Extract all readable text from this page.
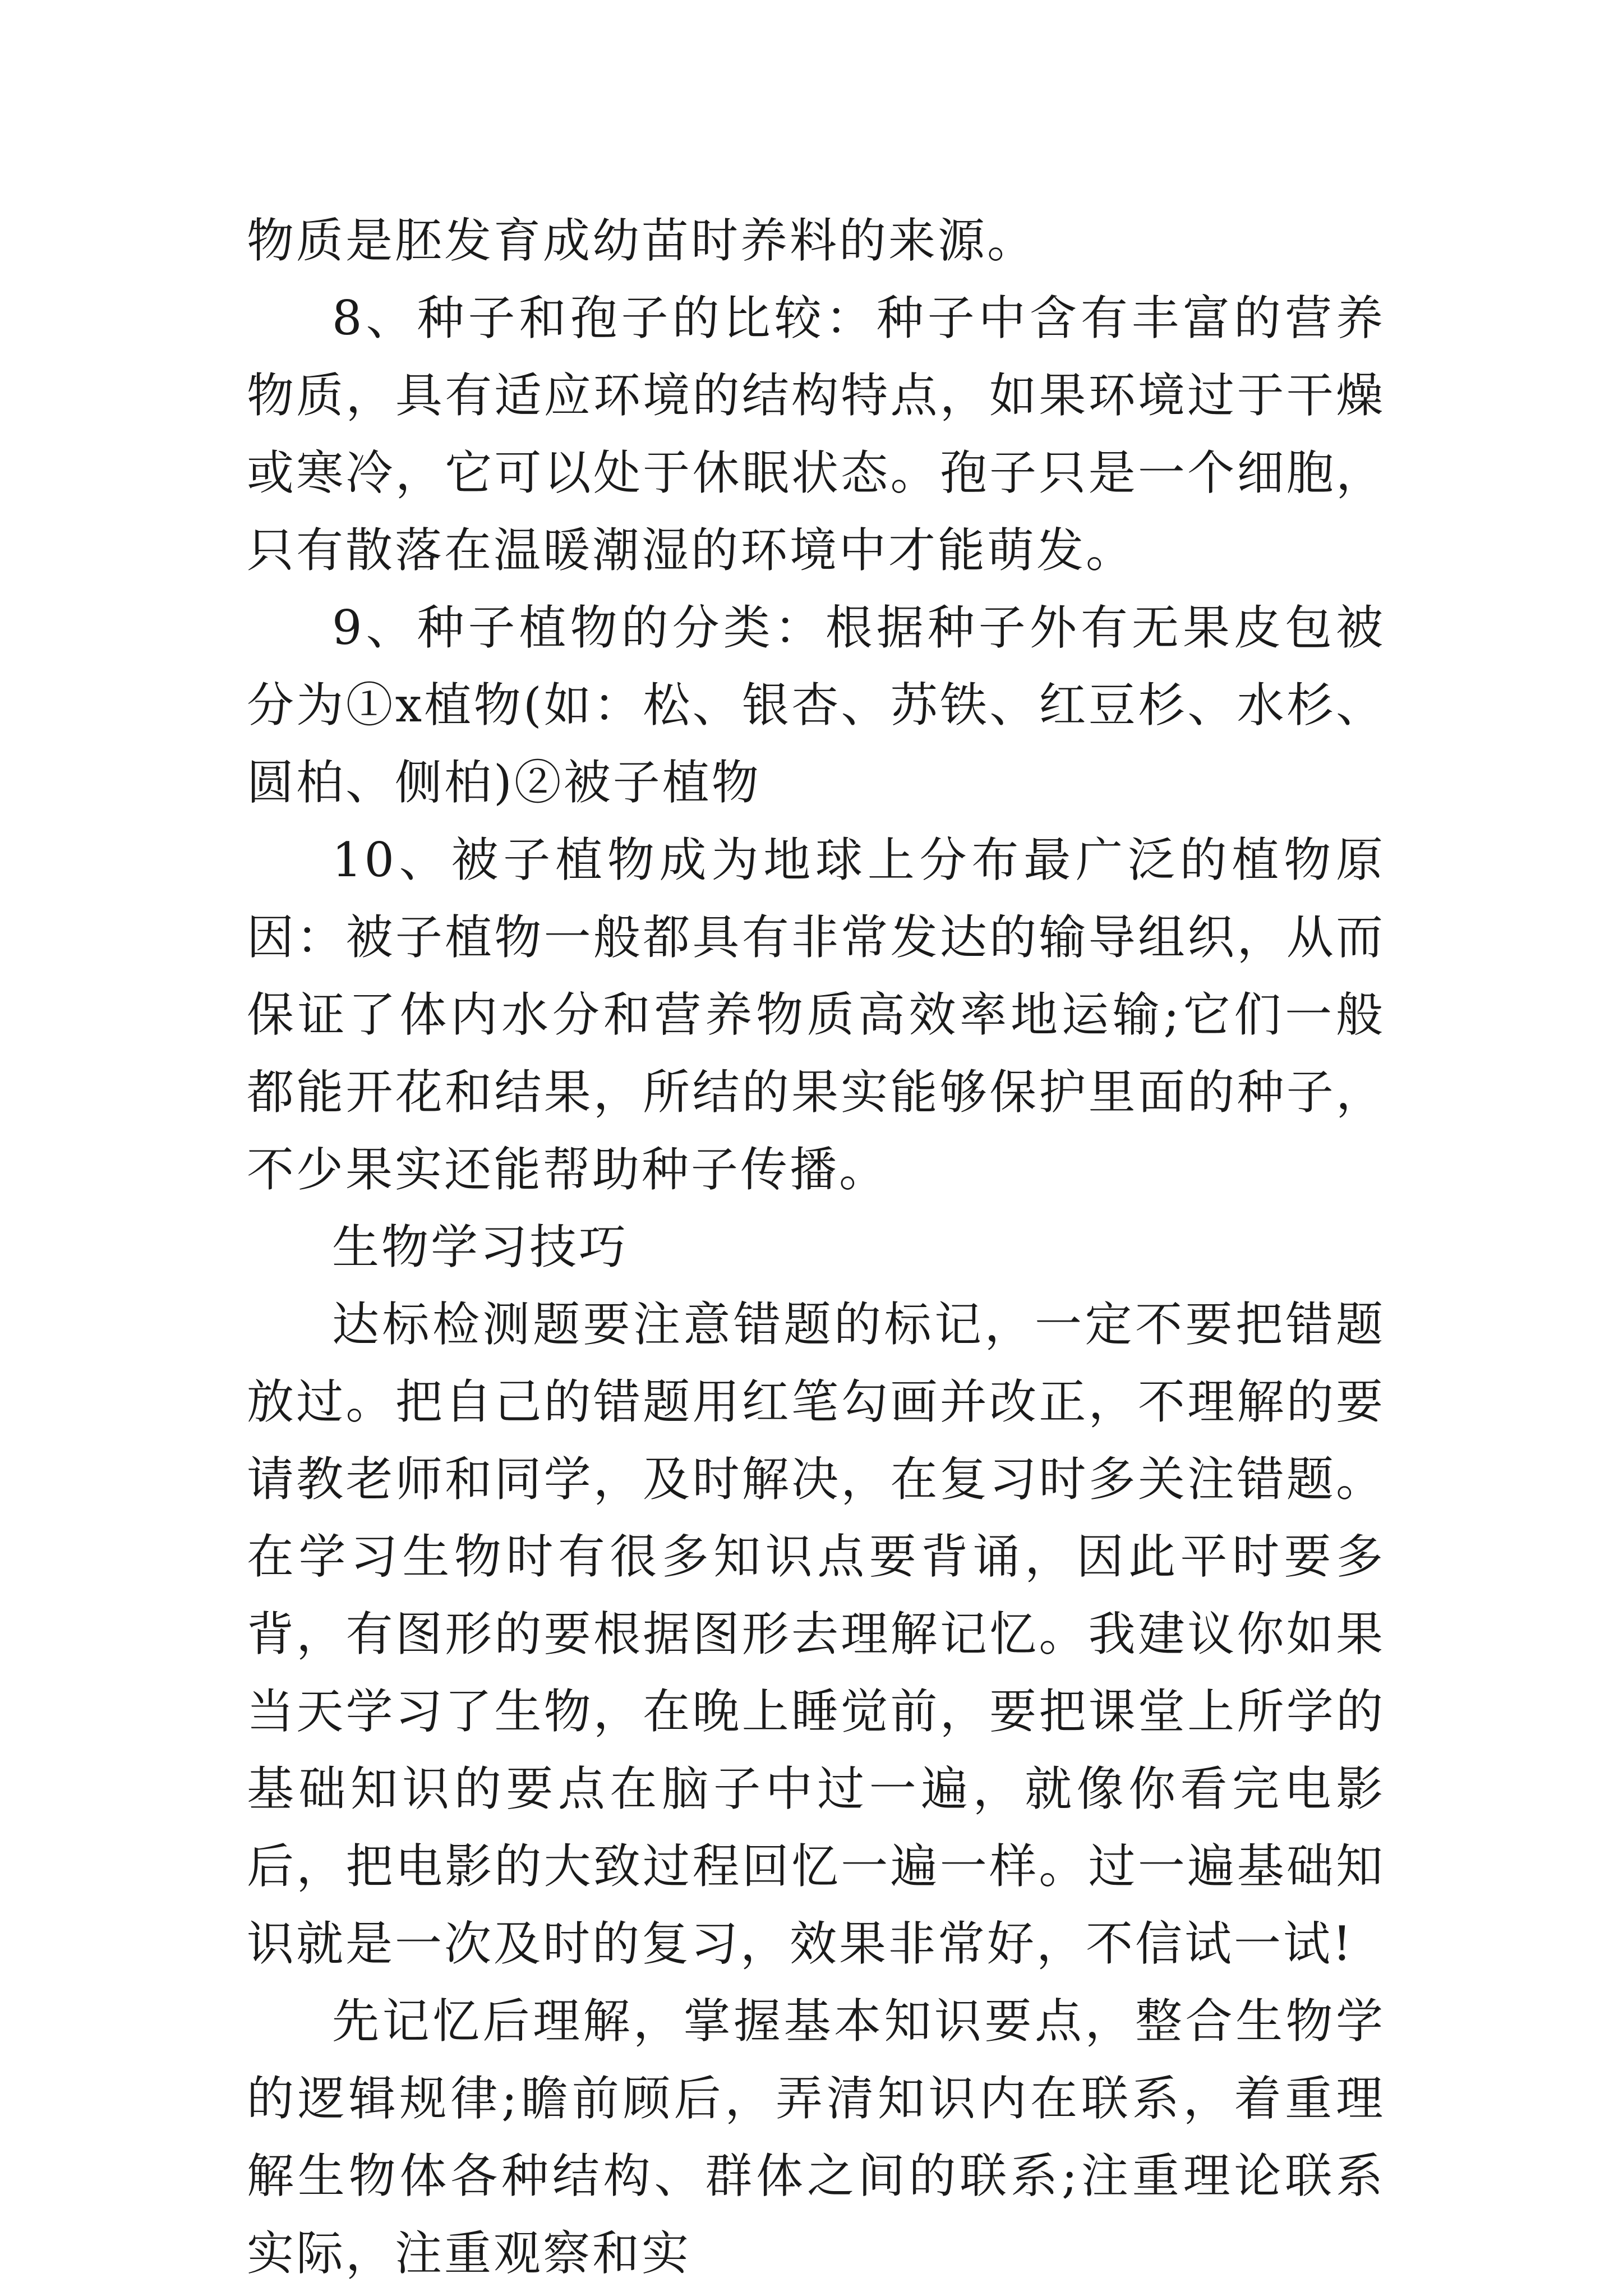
物质是胚发育成幼苗时养料的来源。

8、种子和孢子的比较：种子中含有丰富的营养物质，具有适应环境的结构特点，如果环境过于干燥或寒冷，它可以处于休眠状态。孢子只是一个细胞，只有散落在温暖潮湿的环境中才能萌发。

9、种子植物的分类：根据种子外有无果皮包被分为①x植物(如：松、银杏、苏铁、红豆杉、水杉、圆柏、侧柏)②被子植物

10、被子植物成为地球上分布最广泛的植物原因：被子植物一般都具有非常发达的输导组织，从而保证了体内水分和营养物质高效率地运输;它们一般都能开花和结果，所结的果实能够保护里面的种子，不少果实还能帮助种子传播。

生物学习技巧

达标检测题要注意错题的标记，一定不要把错题放过。把自己的错题用红笔勾画并改正，不理解的要请教老师和同学，及时解决，在复习时多关注错题。在学习生物时有很多知识点要背诵，因此平时要多背，有图形的要根据图形去理解记忆。我建议你如果当天学习了生物，在晚上睡觉前，要把课堂上所学的基础知识的要点在脑子中过一遍，就像你看完电影后，把电影的大致过程回忆一遍一样。过一遍基础知识就是一次及时的复习，效果非常好，不信试一试!

先记忆后理解，掌握基本知识要点，整合生物学的逻辑规律;瞻前顾后，弄清知识内在联系，着重理解生物体各种结构、群体之间的联系;注重理论联系实际，注重观察和实
